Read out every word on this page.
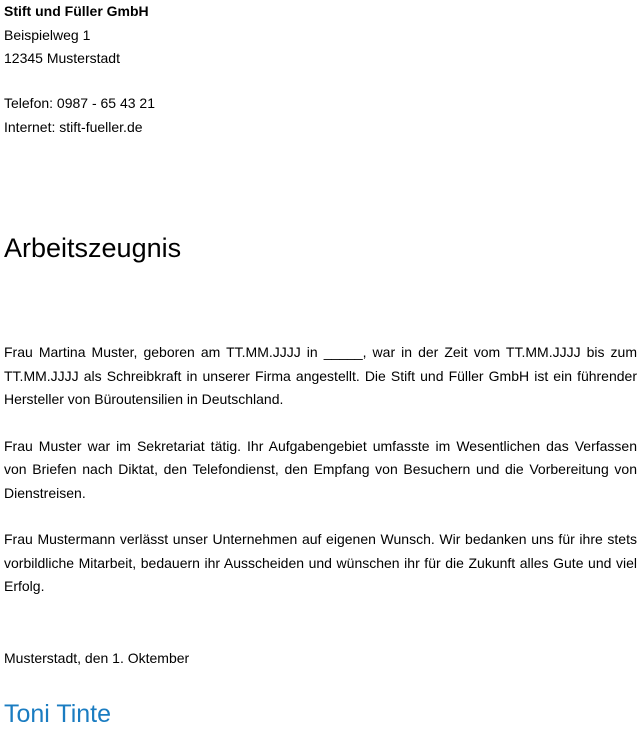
Stift und Füller GmbH
Beispielweg 1
12345 Musterstadt
Telefon: 0987 - 65 43 21
Internet: stift-fueller.de
Arbeitszeugnis

Frau Martina Muster, geboren am TT.MM.JJJJ in _____, war in der Zeit vom TT.MM.JJJJ bis zum TT.MM.JJJJ als Schreibkraft in unserer Firma angestellt. Die Stift und Füller GmbH ist ein führender Hersteller von Büroutensilien in Deutschland.

Frau Muster war im Sekretariat tätig. Ihr Aufgabengebiet umfasste im Wesentlichen das Verfassen von Briefen nach Diktat, den Telefondienst, den Empfang von Besuchern und die Vorbereitung von Dienstreisen.

Frau Mustermann verlässt unser Unternehmen auf eigenen Wunsch. Wir bedanken uns für ihre stets vorbildliche Mitarbeit, bedauern ihr Ausscheiden und wünschen ihr für die Zukunft alles Gute und viel Erfolg.

Musterstadt, den 1. Oktember
Toni Tinte
